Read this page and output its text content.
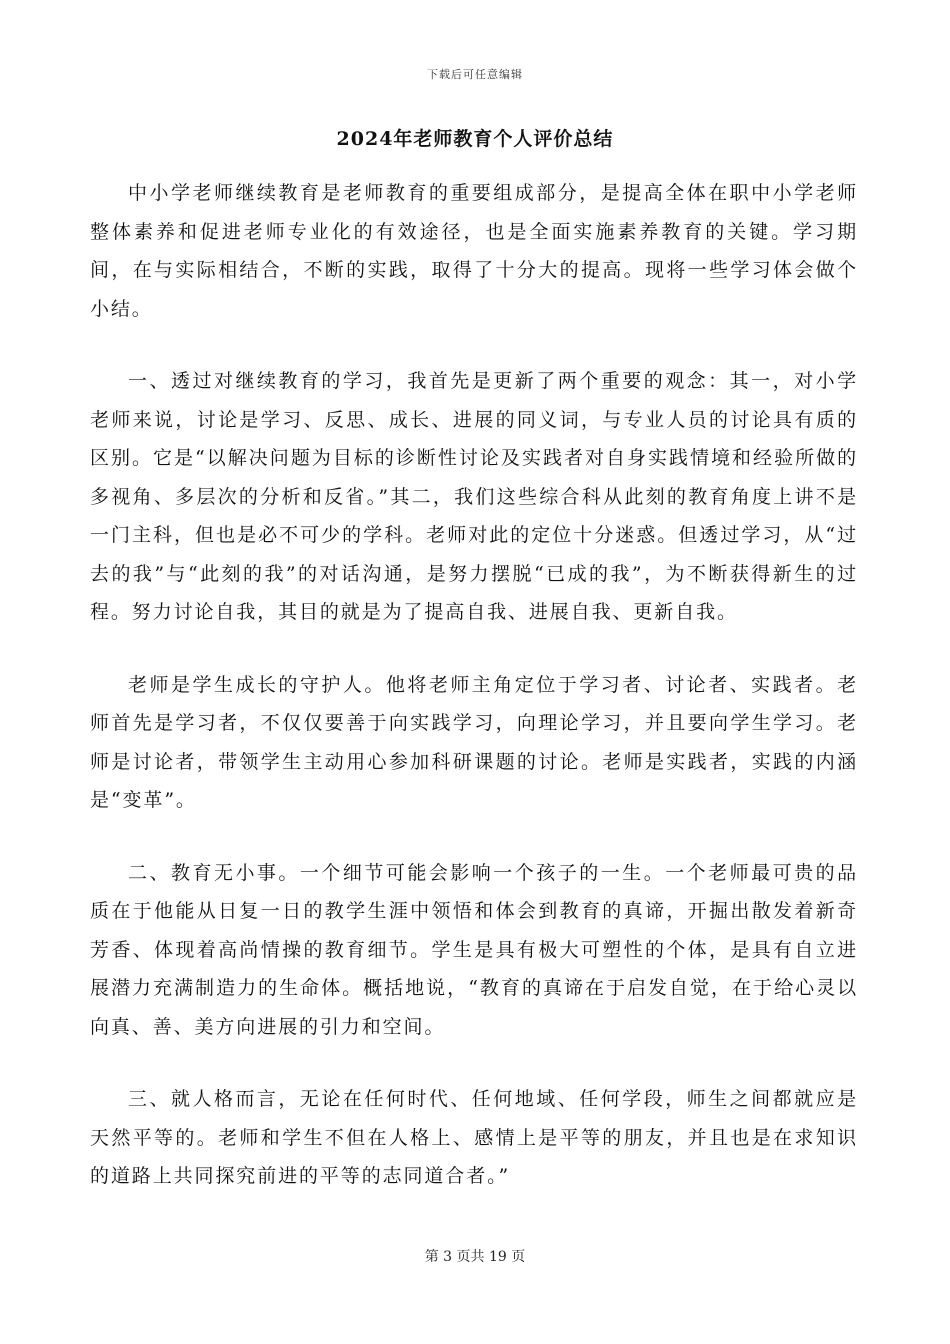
下载后可任意编辑
2024年老师教育个人评价总结

中小学老师继续教育是老师教育的重要组成部分，是提高全体在职中小学老师整体素养和促进老师专业化的有效途径，也是全面实施素养教育的关键。学习期间，在与实际相结合，不断的实践，取得了十分大的提高。现将一些学习体会做个小结。

一、透过对继续教育的学习，我首先是更新了两个重要的观念：其一，对小学老师来说，讨论是学习、反思、成长、进展的同义词，与专业人员的讨论具有质的区别。它是“以解决问题为目标的诊断性讨论及实践者对自身实践情境和经验所做的多视角、多层次的分析和反省。”其二，我们这些综合科从此刻的教育角度上讲不是一门主科，但也是必不可少的学科。老师对此的定位十分迷惑。但透过学习，从“过去的我”与“此刻的我”的对话沟通，是努力摆脱“已成的我”，为不断获得新生的过程。努力讨论自我，其目的就是为了提高自我、进展自我、更新自我。

老师是学生成长的守护人。他将老师主角定位于学习者、讨论者、实践者。老师首先是学习者，不仅仅要善于向实践学习，向理论学习，并且要向学生学习。老师是讨论者，带领学生主动用心参加科研课题的讨论。老师是实践者，实践的内涵是“变革”。

二、教育无小事。一个细节可能会影响一个孩子的一生。一个老师最可贵的品质在于他能从日复一日的教学生涯中领悟和体会到教育的真谛，开掘出散发着新奇芳香、体现着高尚情操的教育细节。学生是具有极大可塑性的个体，是具有自立进展潜力充满制造力的生命体。概括地说，“教育的真谛在于启发自觉，在于给心灵以向真、善、美方向进展的引力和空间。

三、就人格而言，无论在任何时代、任何地域、任何学段，师生之间都就应是天然平等的。老师和学生不但在人格上、感情上是平等的朋友，并且也是在求知识的道路上共同探究前进的平等的志同道合者。”

第 3 页共 19 页
